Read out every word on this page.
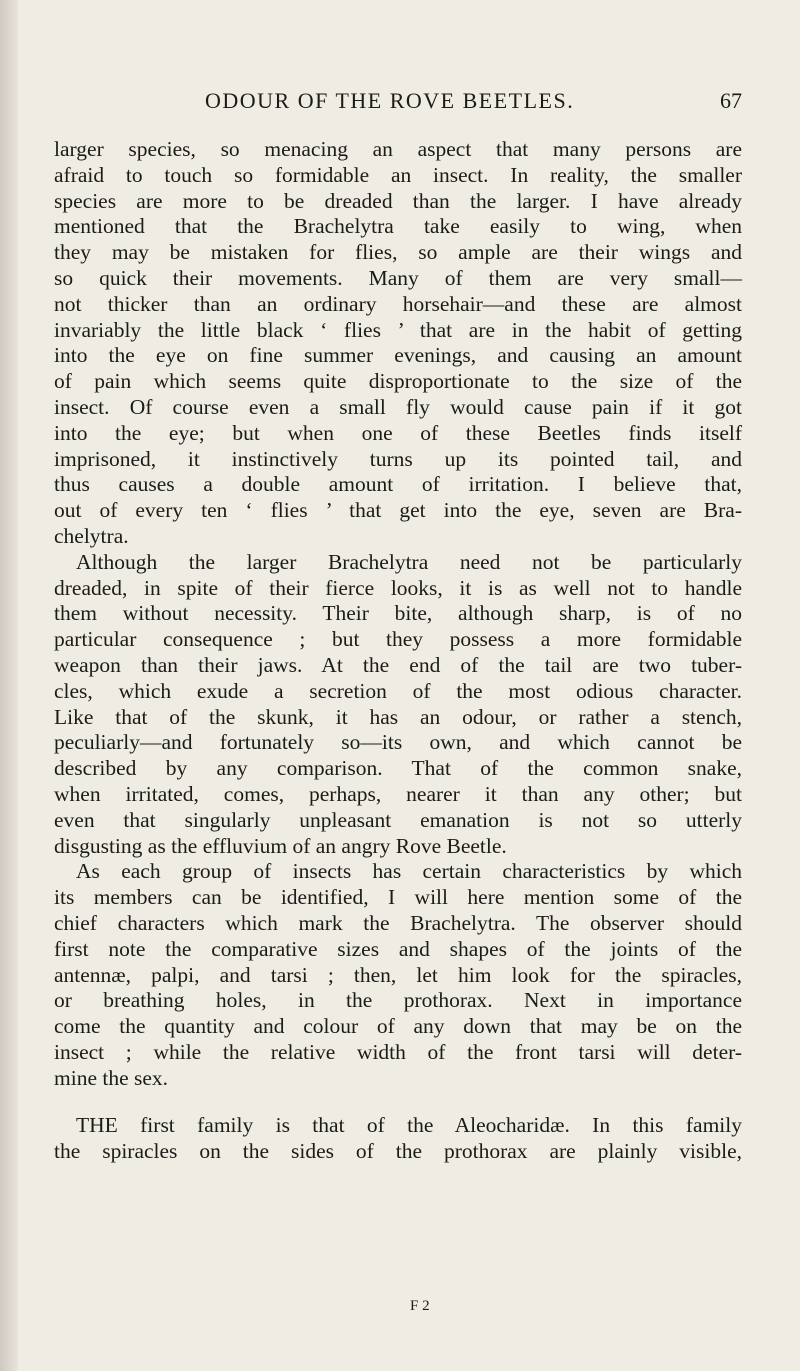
ODOUR OF THE ROVE BEETLES.	67
larger species, so menacing an aspect that many persons are
afraid to touch so formidable an insect. In reality, the smaller
species are more to be dreaded than the larger. I have already
mentioned that the Brachelytra take easily to wing, when
they may be mistaken for flies, so ample are their wings and
so quick their movements. Many of them are very small—
not thicker than an ordinary horsehair—and these are almost
invariably the little black ‘ flies ’ that are in the habit of getting
into the eye on fine summer evenings, and causing an amount
of pain which seems quite disproportionate to the size of the
insect. Of course even a small fly would cause pain if it got
into the eye; but when one of these Beetles finds itself
imprisoned, it instinctively turns up its pointed tail, and
thus causes a double amount of irritation. I believe that,
out of every ten ‘ flies ’ that get into the eye, seven are Bra-
chelytra.
Although the larger Brachelytra need not be particularly
dreaded, in spite of their fierce looks, it is as well not to handle
them without necessity. Their bite, although sharp, is of no
particular consequence ; but they possess a more formidable
weapon than their jaws. At the end of the tail are two tuber-
cles, which exude a secretion of the most odious character.
Like that of the skunk, it has an odour, or rather a stench,
peculiarly—and fortunately so—its own, and which cannot be
described by any comparison. That of the common snake,
when irritated, comes, perhaps, nearer it than any other; but
even that singularly unpleasant emanation is not so utterly
disgusting as the effluvium of an angry Rove Beetle.
As each group of insects has certain characteristics by which
its members can be identified, I will here mention some of the
chief characters which mark the Brachelytra. The observer should
first note the comparative sizes and shapes of the joints of the
antennæ, palpi, and tarsi ; then, let him look for the spiracles,
or breathing holes, in the prothorax. Next in importance
come the quantity and colour of any down that may be on the
insect ; while the relative width of the front tarsi will deter-
mine the sex.
THE first family is that of the Aleocharidæ. In this family
the spiracles on the sides of the prothorax are plainly visible,
F 2
